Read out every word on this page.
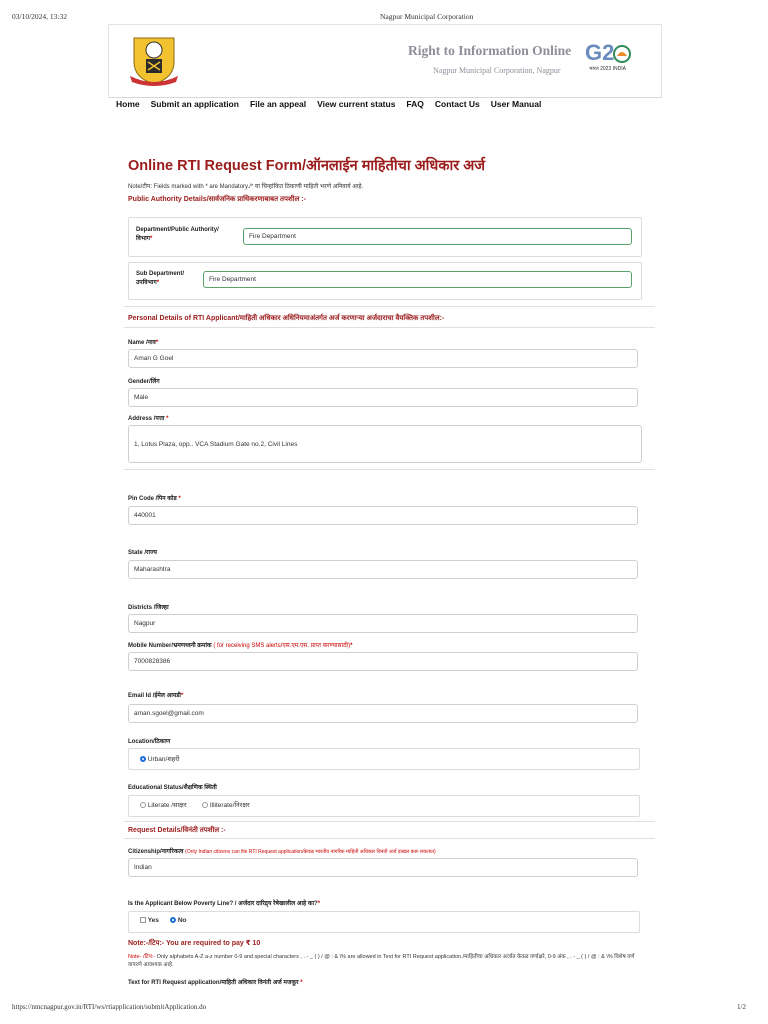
03/10/2024, 13:32	Nagpur Municipal Corporation
Right to Information Online
Nagpur Municipal Corporation, Nagpur
G2
भारत 2023 INDIA
Home Submit an application File an appeal View current status FAQ Contact Us User Manual
Online RTI Request Form/ऑनलाईन माहितीचा अधिकार अर्ज
Note/टीप: Fields marked with * are Mandatory./* या चिन्हांकित ठिकाणी माहिती भरणे अनिवार्य आहे.
Public Authority Details/सार्वजनिक प्राधिकरणाबाबत तपशील :-
Department/Public Authority/विभाग*	Fire Department
Sub Department/ उपविभाग*	Fire Department
Personal Details of RTI Applicant/माहिती अधिकार अधिनियमाअंतर्गत अर्ज करणाऱ्या अर्जदाराचा वैयक्तिक तपशील:-
Name /नाव*
Aman G Goel
Gender/लिंग
Male
Address /पत्ता *
1, Lotus Plaza, opp.. VCA Stadium Gate no.2, Civil Lines
Pin Code /पिन कोड *
440001
State /राज्य
Maharashtra
Districts /जिल्हा
Nagpur
Mobile Number/भ्रमणध्वनी क्रमांक ( for receiving SMS alerts/एस.एम.एस. प्राप्त करण्यासाठी)*
7000828386
Email Id /ईमेल आयडी*
aman.sgoel@gmail.com
Location/ठिकाण
Urban/शहरी
Educational Status/शैक्षणिक स्थिती
Literate /साक्षर	Illiterate/निरक्षर
Request Details/विनंती तपशील :-
Citizenship/नागरिकत्व (Only Indian citizens can file RTI Request application/केवळ भारतीय नागरिक माहिती अधिकार विनंती अर्ज दाखल करू शकतात)
Indian
Is the Applicant Below Poverty Line? / अर्जदार दारिद्र्य रेषेखालील आहे का?*
Yes	No
Note:-/टिप:- You are required to pay ₹ 10
Note- /टिप:- Only alphabets A-Z a-z number 0-9 and special characters , . - _ ( ) / @ : & \% are allowed in Text for RTI Request application./माहितीचा अधिकार अर्जात केवळ वर्णाक्षरे, 0-9 अंक , . - _ ( ) / @ : & \% विशेष वर्ण वापरणे आवश्यक आहे.
Text for RTI Request application/माहिती अधिकार विनंती अर्ज मजकूर *
https://nmcnagpur.gov.in/RTI/ws/rtiapplication/submitApplication.do	1/2
